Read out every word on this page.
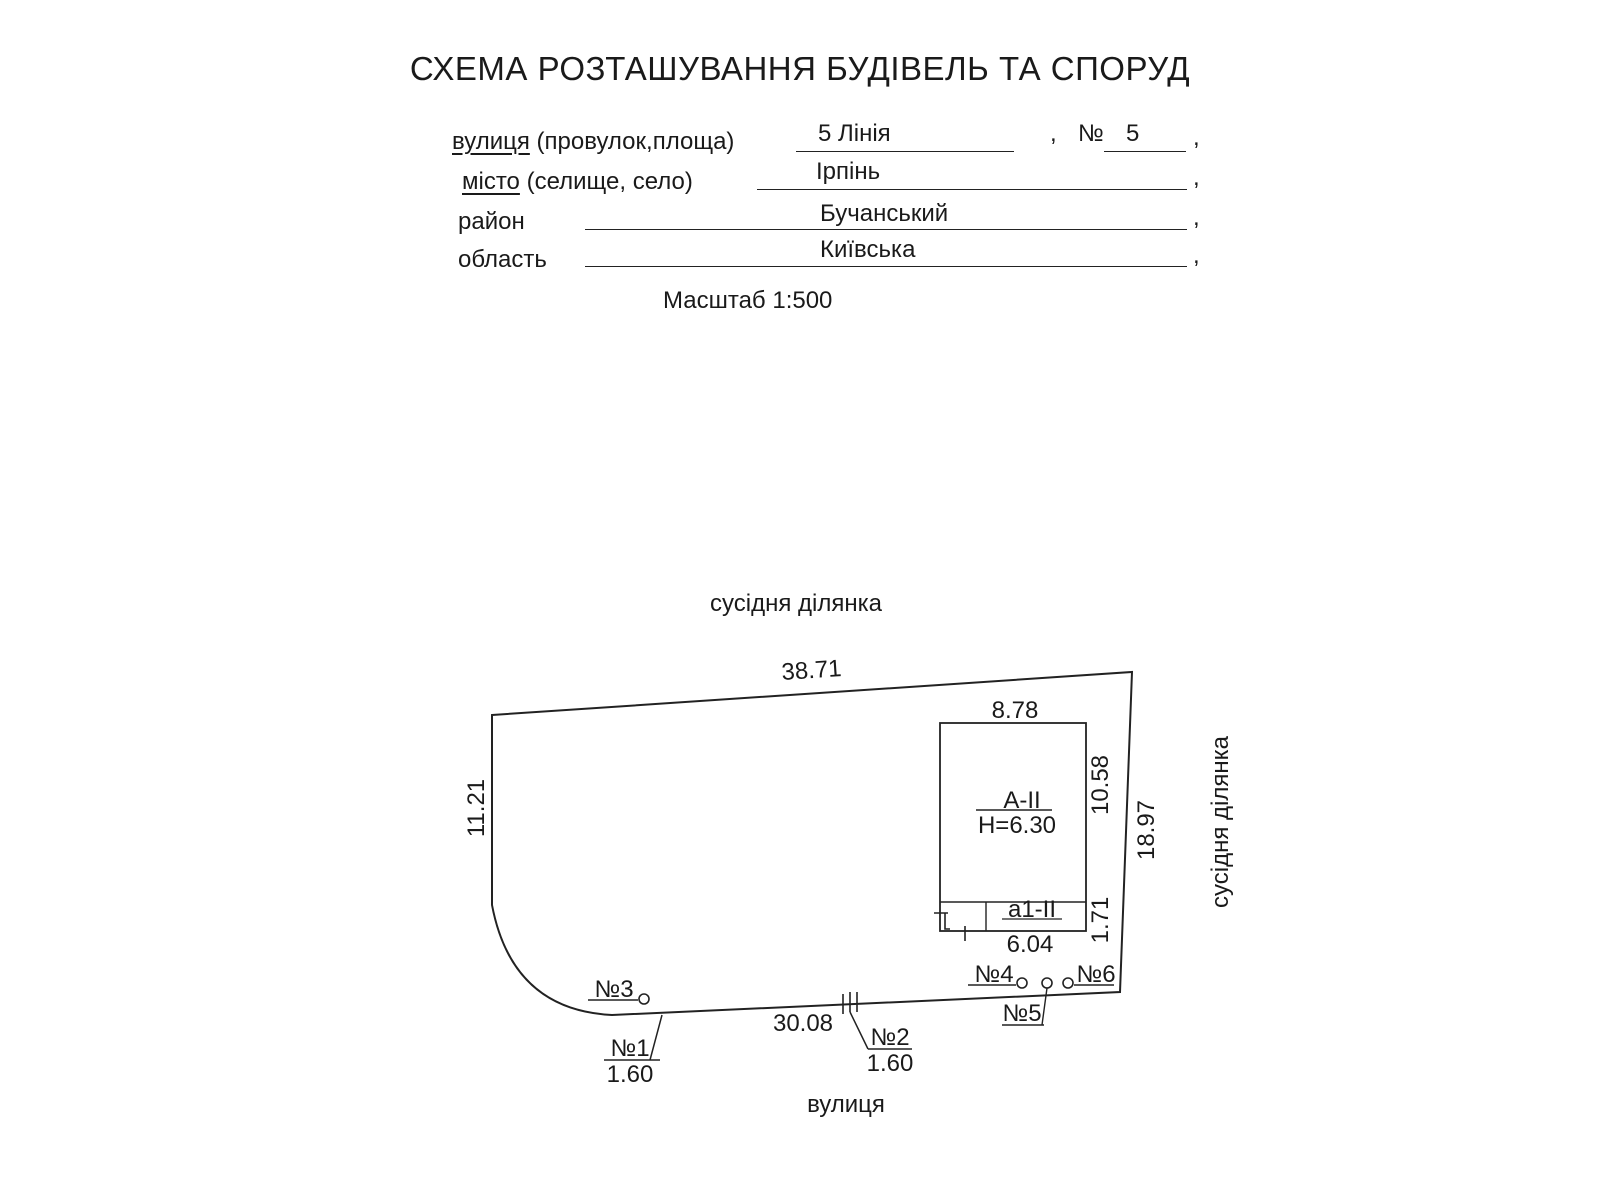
СХЕМА РОЗТАШУВАННЯ БУДІВЕЛЬ ТА СПОРУД
вулиця (провулок,площа)	5 Лінія	, № 5 ,
місто (селище, село)	Ірпінь	,
район	Бучанський	,
область	Київська	,
Масштаб 1:500
сусідня ділянка
сусідня ділянка
вулиця
38.71
11.21	18.97
30.08
8.78
10.58
6.04
1.71
А-ІІ
Н=6.30
а1-ІІ
№1
1.60
№2
1.60
№3
№4
№5
№6
